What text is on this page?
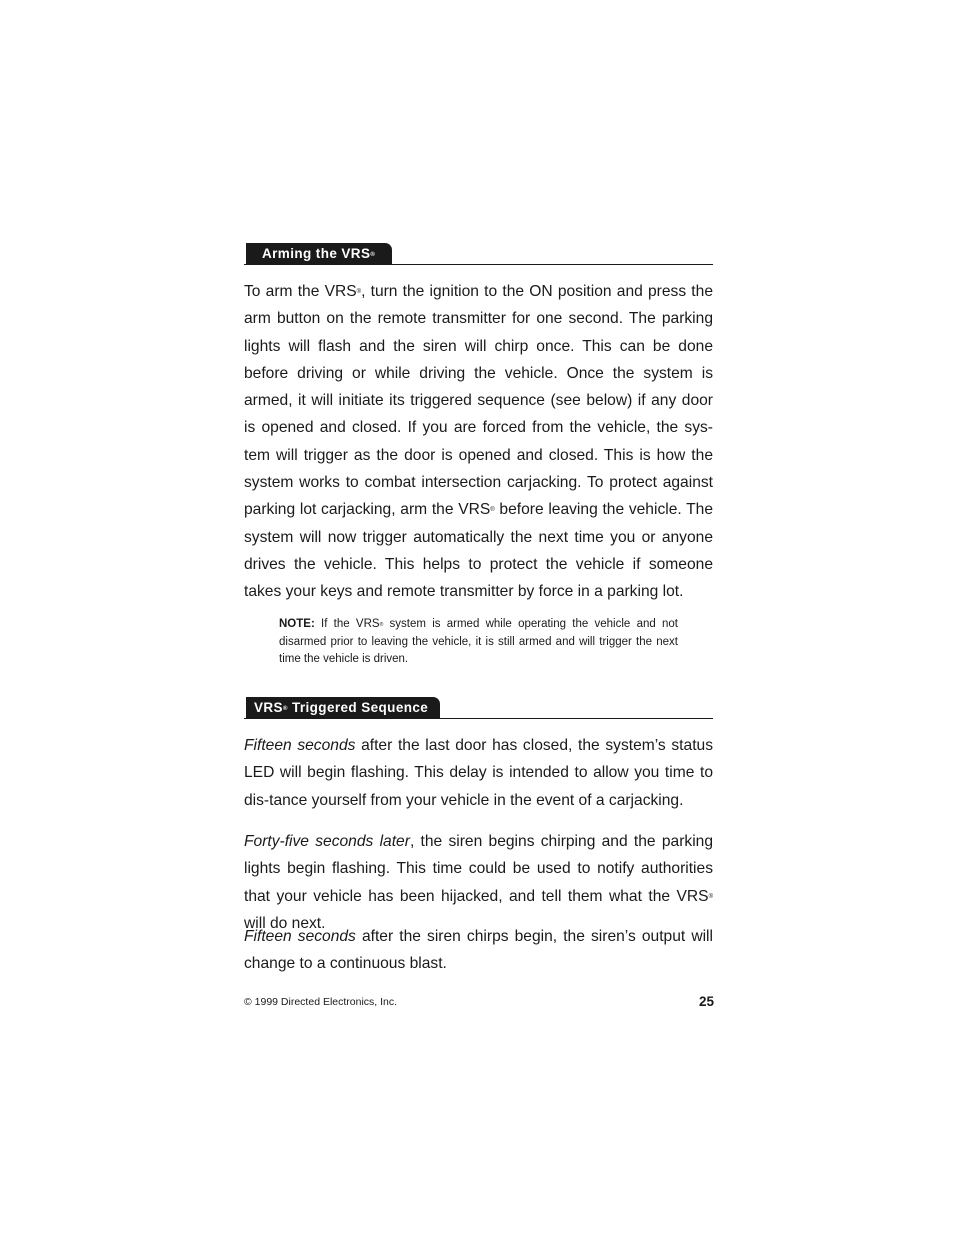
Arming the VRS®

To arm the VRS®, turn the ignition to the ON position and press the arm button on the remote transmitter for one second. The parking lights will flash and the siren will chirp once. This can be done before driving or while driving the vehicle. Once the system is armed, it will initiate its triggered sequence (see below) if any door is opened and closed. If you are forced from the vehicle, the sys-tem will trigger as the door is opened and closed. This is how the system works to combat intersection carjacking. To protect against parking lot carjacking, arm the VRS® before leaving the vehicle. The system will now trigger automatically the next time you or anyone drives the vehicle. This helps to protect the vehicle if someone takes your keys and remote transmitter by force in a parking lot.

NOTE: If the VRS® system is armed while operating the vehicle and not disarmed prior to leaving the vehicle, it is still armed and will trigger the next time the vehicle is driven.

VRS® Triggered Sequence

Fifteen seconds after the last door has closed, the system’s status LED will begin flashing. This delay is intended to allow you time to dis-tance yourself from your vehicle in the event of a carjacking.

Forty-five seconds later, the siren begins chirping and the parking lights begin flashing. This time could be used to notify authorities that your vehicle has been hijacked, and tell them what the VRS® will do next.

Fifteen seconds after the siren chirps begin, the siren’s output will change to a continuous blast.

© 1999 Directed Electronics, Inc.	25
